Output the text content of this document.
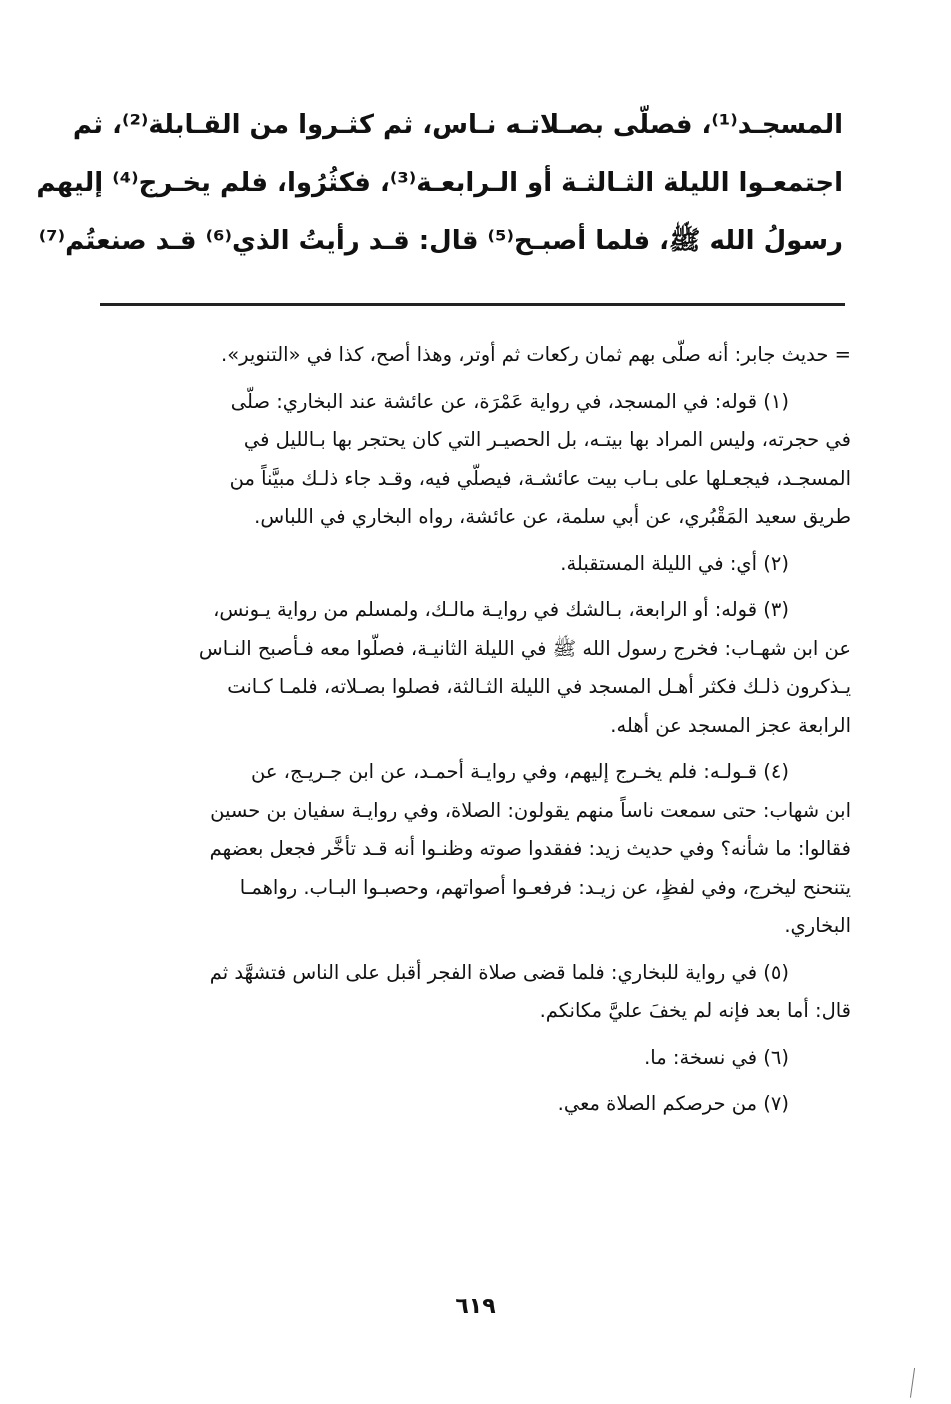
المسجـد⁽¹⁾، فصلّى بصـلاتـه نـاس، ثم كثـروا من القـابلة⁽²⁾، ثم
اجتمعـوا الليلة الثـالثـة أو الـرابعـة⁽³⁾، فكثُرُوا، فلم يخـرج⁽⁴⁾ إليهم
رسولُ الله ﷺ، فلما أصبـح⁽⁵⁾ قال: قـد رأيتُ الذي⁽⁶⁾ قـد صنعتُم⁽⁷⁾
= حديث جابر: أنه صلّى بهم ثمان ركعات ثم أوتر، وهذا أصح، كذا في «التنوير».
(١) قوله: في المسجد، في رواية عَمْرَة، عن عائشة عند البخاري: صلّى
في حجرته، وليس المراد بها بيتـه، بل الحصيـر التي كان يحتجر بها بـالليل في
المسجـد، فيجعـلها على بـاب بيت عائشـة، فيصلّي فيه، وقـد جاء ذلـك مبيَّناً من
طريق سعيد المَقْبُري، عن أبي سلمة، عن عائشة، رواه البخاري في اللباس.
(٢) أي: في الليلة المستقبلة.
(٣) قوله: أو الرابعة، بـالشك في روايـة مالـك، ولمسلم من رواية يـونس،
عن ابن شهـاب: فخرج رسول الله ﷺ في الليلة الثانيـة، فصلّوا معه فـأصبح النـاس
يـذكرون ذلـك فكثر أهـل المسجد في الليلة الثـالثة، فصلوا بصـلاته، فلمـا كـانت
الرابعة عجز المسجد عن أهله.
(٤) قـولـه: فلم يخـرج إليهم، وفي روايـة أحمـد، عن ابن جـريـج، عن
ابن شهاب: حتى سمعت ناساً منهم يقولون: الصلاة، وفي روايـة سفيان بن حسين
فقالوا: ما شأنه؟ وفي حديث زيد: ففقدوا صوته وظنـوا أنه قـد تأخَّر فجعل بعضهم
يتنحنح ليخرج، وفي لفظٍ، عن زيـد: فرفعـوا أصواتهم، وحصبـوا البـاب. رواهمـا
البخاري.
(٥) في رواية للبخاري: فلما قضى صلاة الفجر أقبل على الناس فتشهَّد ثم
قال: أما بعد فإنه لم يخفَ عليَّ مكانكم.
(٦) في نسخة: ما.
(٧) من حرصكم الصلاة معي.
٦١٩
